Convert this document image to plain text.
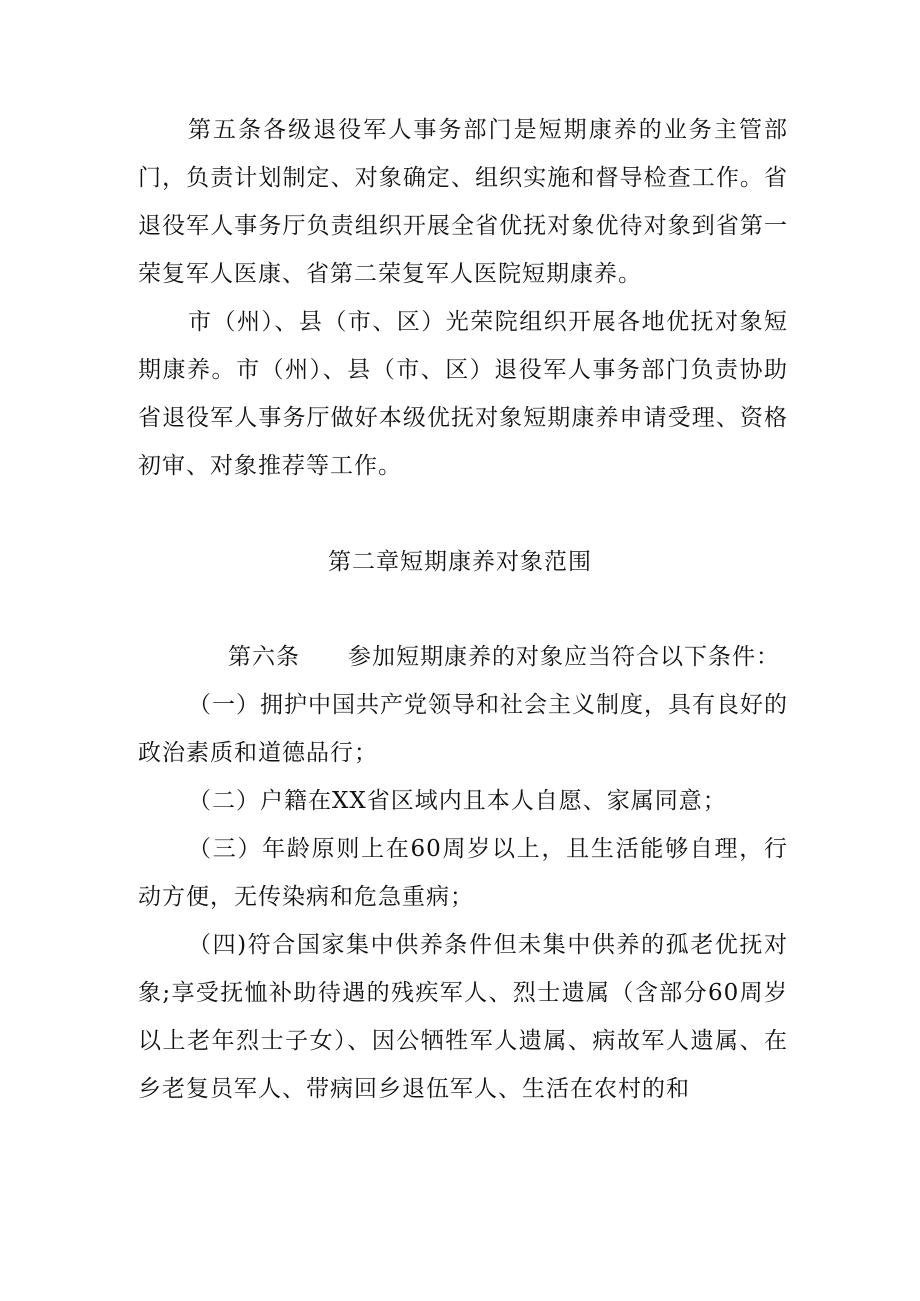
第五条各级退役军人事务部门是短期康养的业务主管部门，负责计划制定、对象确定、组织实施和督导检查工作。省退役军人事务厅负责组织开展全省优抚对象优待对象到省第一荣复军人医康、省第二荣复军人医院短期康养。

市（州）、县（市、区）光荣院组织开展各地优抚对象短期康养。市（州）、县（市、区）退役军人事务部门负责协助省退役军人事务厅做好本级优抚对象短期康养申请受理、资格初审、对象推荐等工作。

第二章短期康养对象范围

第六条 参加短期康养的对象应当符合以下条件：

（一）拥护中国共产党领导和社会主义制度，具有良好的政治素质和道德品行；

（二）户籍在XX省区域内且本人自愿、家属同意；

（三）年龄原则上在60周岁以上，且生活能够自理，行动方便，无传染病和危急重病；

（四)符合国家集中供养条件但未集中供养的孤老优抚对象;享受抚恤补助待遇的残疾军人、烈士遗属（含部分60周岁以上老年烈士子女）、因公牺牲军人遗属、病故军人遗属、在乡老复员军人、带病回乡退伍军人、生活在农村的和
